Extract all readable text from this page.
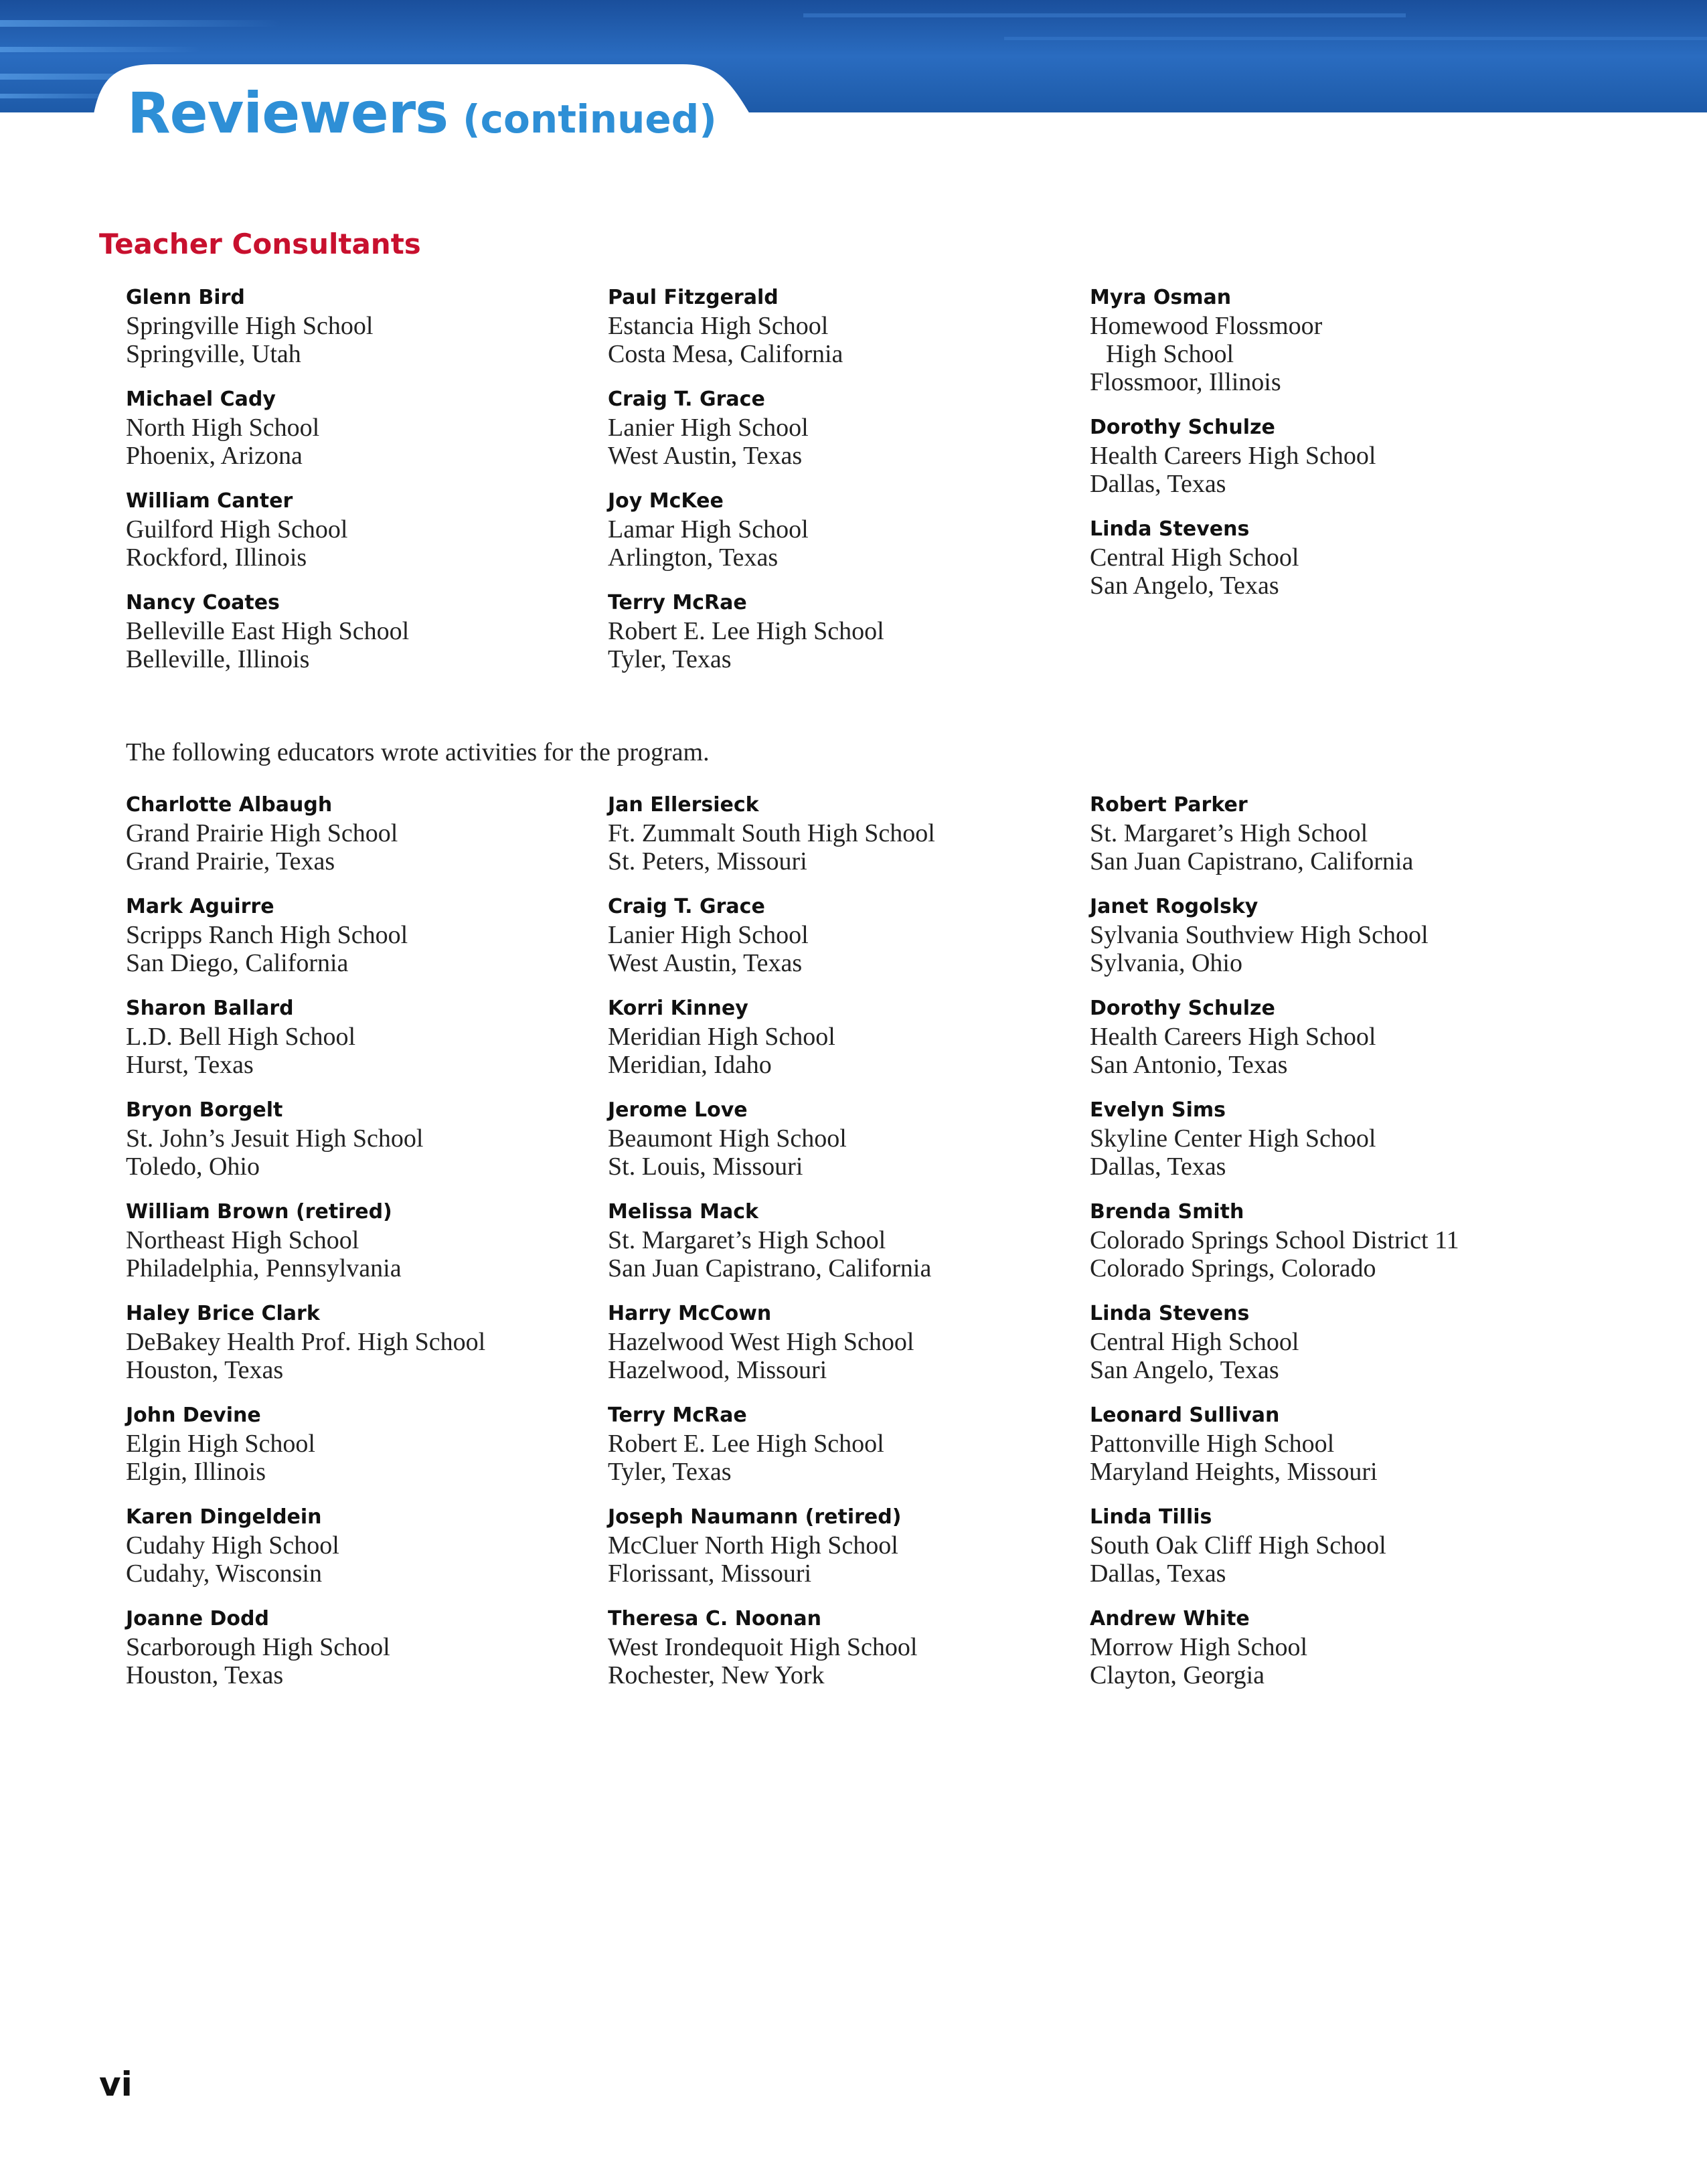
Reviewers (continued)
Teacher Consultants
Glenn Bird
Springville High School
Springville, Utah
Michael Cady
North High School
Phoenix, Arizona
William Canter
Guilford High School
Rockford, Illinois
Nancy Coates
Belleville East High School
Belleville, Illinois
Paul Fitzgerald
Estancia High School
Costa Mesa, California
Craig T. Grace
Lanier High School
West Austin, Texas
Joy McKee
Lamar High School
Arlington, Texas
Terry McRae
Robert E. Lee High School
Tyler, Texas
Myra Osman
Homewood Flossmoor
High School
Flossmoor, Illinois
Dorothy Schulze
Health Careers High School
Dallas, Texas
Linda Stevens
Central High School
San Angelo, Texas
The following educators wrote activities for the program.
Charlotte Albaugh
Grand Prairie High School
Grand Prairie, Texas
Mark Aguirre
Scripps Ranch High School
San Diego, California
Sharon Ballard
L.D. Bell High School
Hurst, Texas
Bryon Borgelt
St. John’s Jesuit High School
Toledo, Ohio
William Brown (retired)
Northeast High School
Philadelphia, Pennsylvania
Haley Brice Clark
DeBakey Health Prof. High School
Houston, Texas
John Devine
Elgin High School
Elgin, Illinois
Karen Dingeldein
Cudahy High School
Cudahy, Wisconsin
Joanne Dodd
Scarborough High School
Houston, Texas
Jan Ellersieck
Ft. Zummalt South High School
St. Peters, Missouri
Craig T. Grace
Lanier High School
West Austin, Texas
Korri Kinney
Meridian High School
Meridian, Idaho
Jerome Love
Beaumont High School
St. Louis, Missouri
Melissa Mack
St. Margaret’s High School
San Juan Capistrano, California
Harry McCown
Hazelwood West High School
Hazelwood, Missouri
Terry McRae
Robert E. Lee High School
Tyler, Texas
Joseph Naumann (retired)
McCluer North High School
Florissant, Missouri
Theresa C. Noonan
West Irondequoit High School
Rochester, New York
Robert Parker
St. Margaret’s High School
San Juan Capistrano, California
Janet Rogolsky
Sylvania Southview High School
Sylvania, Ohio
Dorothy Schulze
Health Careers High School
San Antonio, Texas
Evelyn Sims
Skyline Center High School
Dallas, Texas
Brenda Smith
Colorado Springs School District 11
Colorado Springs, Colorado
Linda Stevens
Central High School
San Angelo, Texas
Leonard Sullivan
Pattonville High School
Maryland Heights, Missouri
Linda Tillis
South Oak Cliff High School
Dallas, Texas
Andrew White
Morrow High School
Clayton, Georgia
vi
